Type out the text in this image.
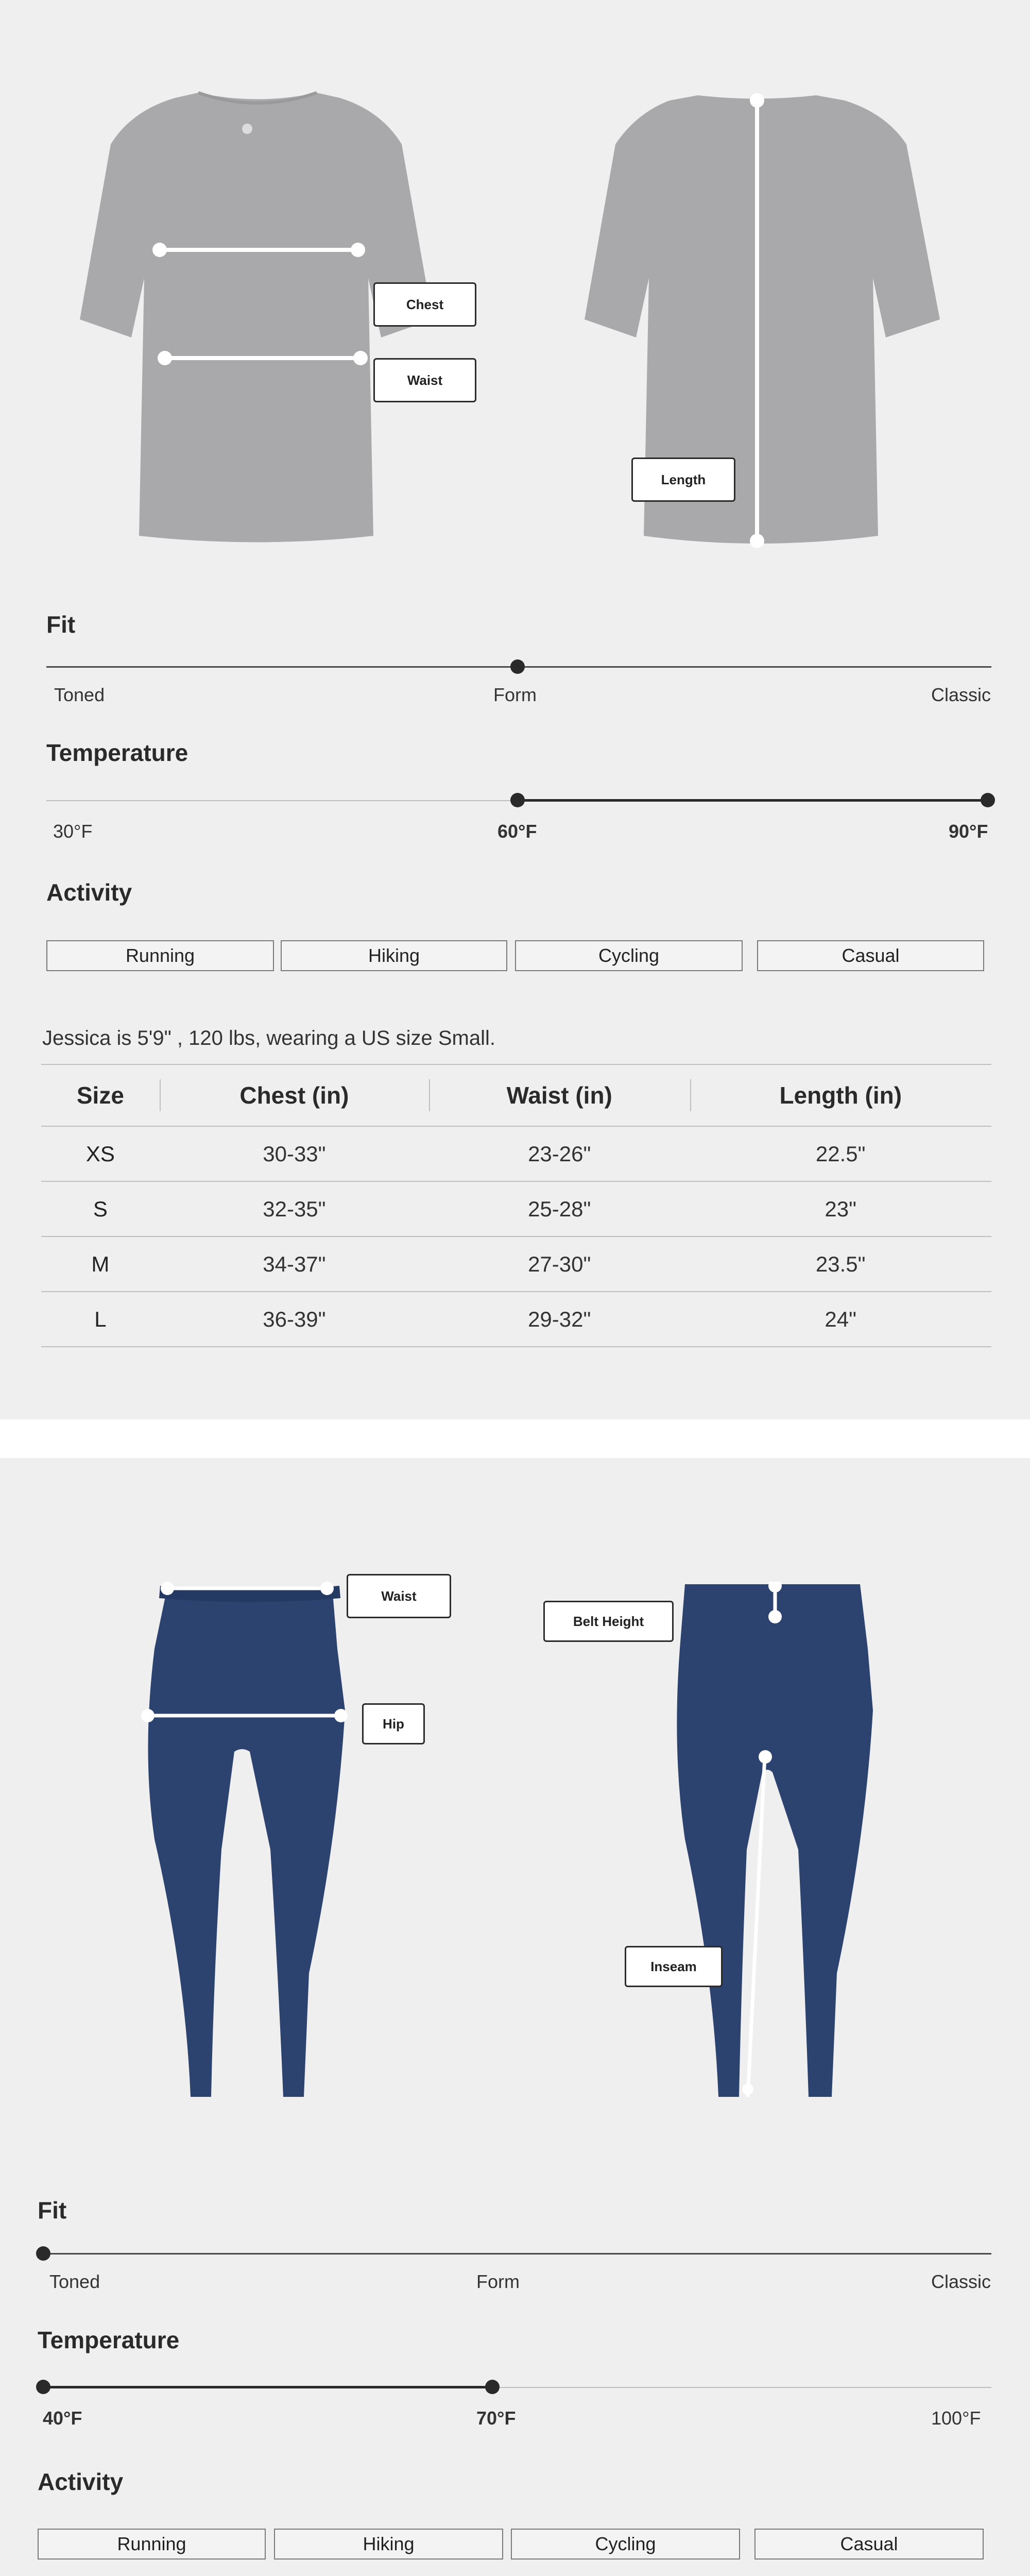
Chest
Waist
Length
Fit
Toned	Form	Classic
Temperature
30°F	60°F	90°F
Activity
Running	Hiking	Cycling	Casual
Jessica is 5'9" , 120 lbs, wearing a US size Small.
Size	Chest (in)	Waist (in)	Length (in)
XS	30-33"	23-26"	22.5"
S	32-35"	25-28"	23"
M	34-37"	27-30"	23.5"
L	36-39"	29-32"	24"
Waist
Hip
Belt Height
Inseam
Fit
Toned	Form	Classic
Temperature
40°F	70°F	100°F
Activity
Running	Hiking	Cycling	Casual
